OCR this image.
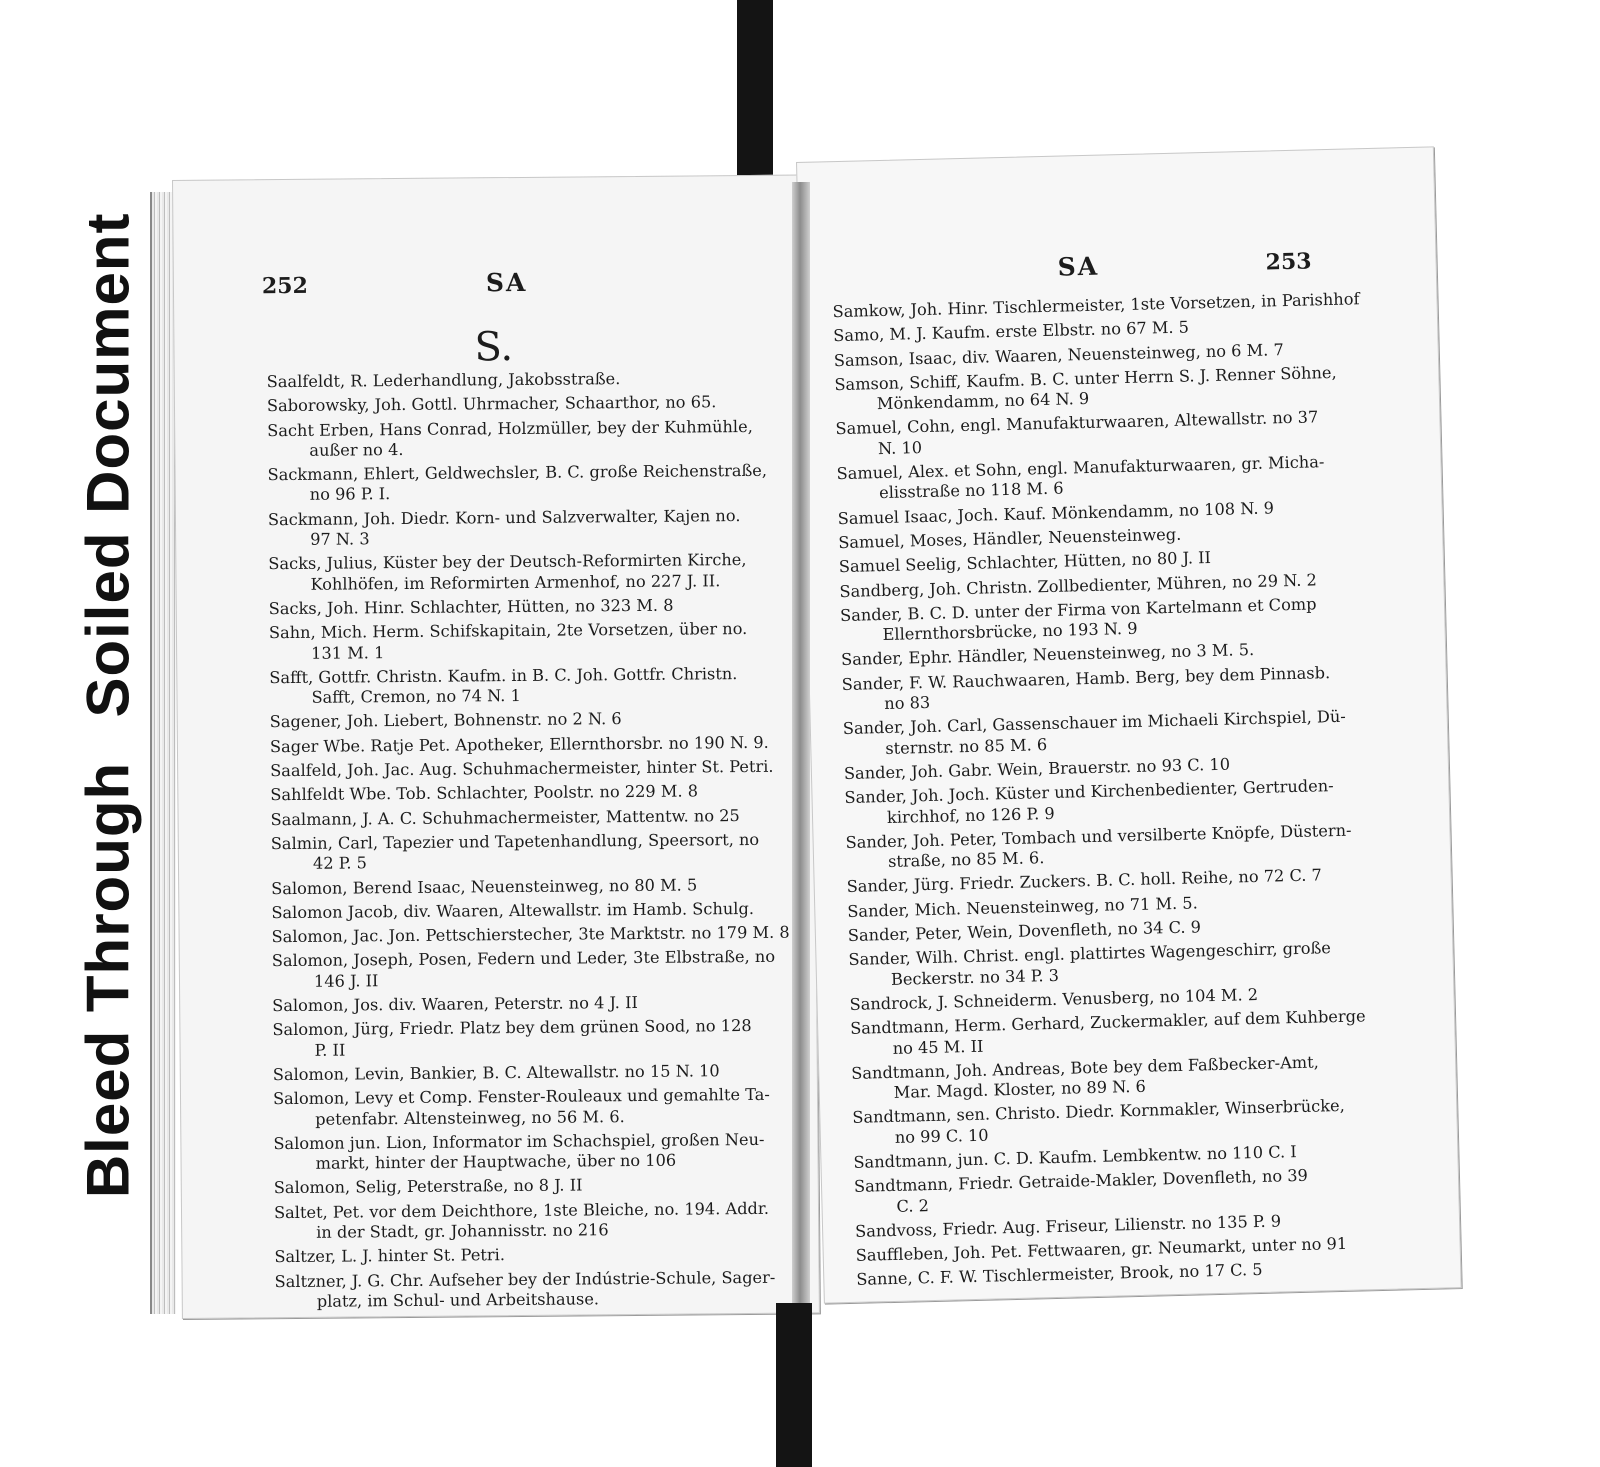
Soiled Document
Bleed Through
252	SA
S.
Saalfeldt, R. Lederhandlung, Jakobsstraße.
Saborowsky, Joh. Gottl. Uhrmacher, Schaarthor, no 65.
Sacht Erben, Hans Conrad, Holzmüller, bey der Kuhmühle,
außer no 4.
Sackmann, Ehlert, Geldwechsler, B. C. große Reichenstraße,
no 96 P. I.
Sackmann, Joh. Diedr. Korn- und Salzverwalter, Kajen no.
97 N. 3
Sacks, Julius, Küster bey der Deutsch-Reformirten Kirche,
Kohlhöfen, im Reformirten Armenhof, no 227 J. II.
Sacks, Joh. Hinr. Schlachter, Hütten, no 323 M. 8
Sahn, Mich. Herm. Schifskapitain, 2te Vorsetzen, über no.
131 M. 1
Safft, Gottfr. Christn. Kaufm. in B. C. Joh. Gottfr. Christn.
Safft, Cremon, no 74 N. 1
Sagener, Joh. Liebert, Bohnenstr. no 2 N. 6
Sager Wbe. Ratje Pet. Apotheker, Ellernthorsbr. no 190 N. 9.
Saalfeld, Joh. Jac. Aug. Schuhmachermeister, hinter St. Petri.
Sahlfeldt Wbe. Tob. Schlachter, Poolstr. no 229 M. 8
Saalmann, J. A. C. Schuhmachermeister, Mattentw. no 25
Salmin, Carl, Tapezier und Tapetenhandlung, Speersort, no
42 P. 5
Salomon, Berend Isaac, Neuensteinweg, no 80 M. 5
Salomon Jacob, div. Waaren, Altewallstr. im Hamb. Schulg.
Salomon, Jac. Jon. Pettschierstecher, 3te Marktstr. no 179 M. 8
Salomon, Joseph, Posen, Federn und Leder, 3te Elbstraße, no
146 J. II
Salomon, Jos. div. Waaren, Peterstr. no 4 J. II
Salomon, Jürg, Friedr. Platz bey dem grünen Sood, no 128
P. II
Salomon, Levin, Bankier, B. C. Altewallstr. no 15 N. 10
Salomon, Levy et Comp. Fenster-Rouleaux und gemahlte Ta-
petenfabr. Altensteinweg, no 56 M. 6.
Salomon jun. Lion, Informator im Schachspiel, großen Neu-
markt, hinter der Hauptwache, über no 106
Salomon, Selig, Peterstraße, no 8 J. II
Saltet, Pet. vor dem Deichthore, 1ste Bleiche, no. 194. Addr.
in der Stadt, gr. Johannisstr. no 216
Saltzer, L. J. hinter St. Petri.
Saltzner, J. G. Chr. Aufseher bey der Indústrie-Schule, Sager-
platz, im Schul- und Arbeitshause.
SA	253
Samkow, Joh. Hinr. Tischlermeister, 1ste Vorsetzen, in Parishhof
Samo, M. J. Kaufm. erste Elbstr. no 67 M. 5
Samson, Isaac, div. Waaren, Neuensteinweg, no 6 M. 7
Samson, Schiff, Kaufm. B. C. unter Herrn S. J. Renner Söhne,
Mönkendamm, no 64 N. 9
Samuel, Cohn, engl. Manufakturwaaren, Altewallstr. no 37
N. 10
Samuel, Alex. et Sohn, engl. Manufakturwaaren, gr. Micha-
elisstraße no 118 M. 6
Samuel Isaac, Joch. Kauf. Mönkendamm, no 108 N. 9
Samuel, Moses, Händler, Neuensteinweg.
Samuel Seelig, Schlachter, Hütten, no 80 J. II
Sandberg, Joh. Christn. Zollbedienter, Mühren, no 29 N. 2
Sander, B. C. D. unter der Firma von Kartelmann et Comp
Ellernthorsbrücke, no 193 N. 9
Sander, Ephr. Händler, Neuensteinweg, no 3 M. 5.
Sander, F. W. Rauchwaaren, Hamb. Berg, bey dem Pinnasb.
no 83
Sander, Joh. Carl, Gassenschauer im Michaeli Kirchspiel, Dü-
sternstr. no 85 M. 6
Sander, Joh. Gabr. Wein, Brauerstr. no 93 C. 10
Sander, Joh. Joch. Küster und Kirchenbedienter, Gertruden-
kirchhof, no 126 P. 9
Sander, Joh. Peter, Tombach und versilberte Knöpfe, Düstern-
straße, no 85 M. 6.
Sander, Jürg. Friedr. Zuckers. B. C. holl. Reihe, no 72 C. 7
Sander, Mich. Neuensteinweg, no 71 M. 5.
Sander, Peter, Wein, Dovenfleth, no 34 C. 9
Sander, Wilh. Christ. engl. plattirtes Wagengeschirr, große
Beckerstr. no 34 P. 3
Sandrock, J. Schneiderm. Venusberg, no 104 M. 2
Sandtmann, Herm. Gerhard, Zuckermakler, auf dem Kuhberge
no 45 M. II
Sandtmann, Joh. Andreas, Bote bey dem Faßbecker-Amt,
Mar. Magd. Kloster, no 89 N. 6
Sandtmann, sen. Christo. Diedr. Kornmakler, Winserbrücke,
no 99 C. 10
Sandtmann, jun. C. D. Kaufm. Lembkentw. no 110 C. I
Sandtmann, Friedr. Getraide-Makler, Dovenfleth, no 39
C. 2
Sandvoss, Friedr. Aug. Friseur, Lilienstr. no 135 P. 9
Sauffleben, Joh. Pet. Fettwaaren, gr. Neumarkt, unter no 91
Sanne, C. F. W. Tischlermeister, Brook, no 17 C. 5
